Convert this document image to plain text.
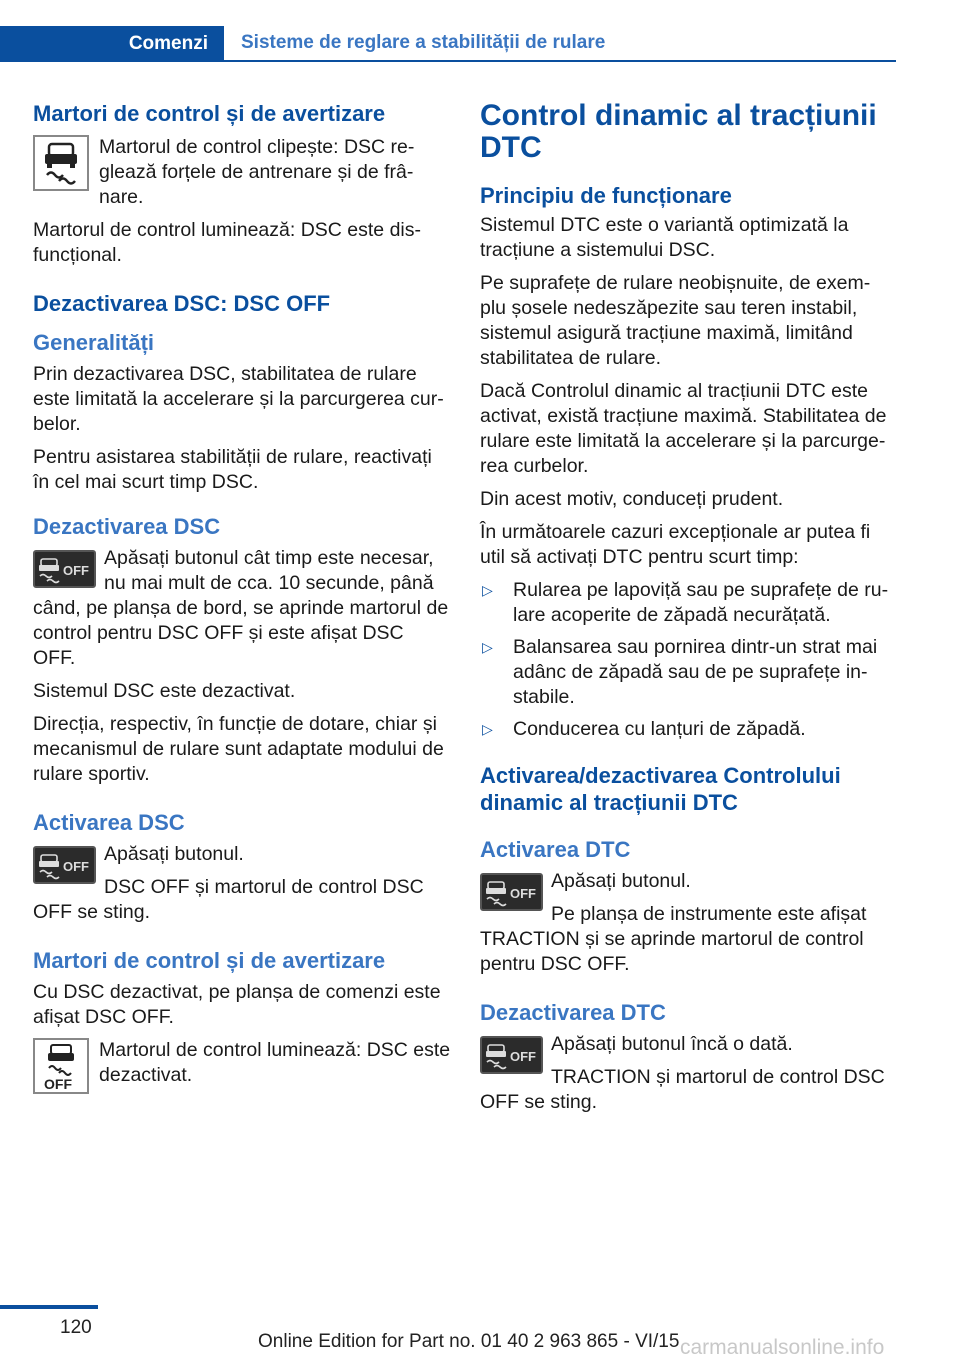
Comenzi	Sisteme de reglare a stabilității de rulare
Martori de control și de avertizare

Martorul de control clipește: DSC re‐glează forțele de antrenare și de frâ‐nare.

Martorul de control luminează: DSC este dis‐funcțional.

Dezactivarea DSC: DSC OFF
Generalități

Prin dezactivarea DSC, stabilitatea de rulare este limitată la accelerare și la parcurgerea cur‐belor.

Pentru asistarea stabilității de rulare, reactivați în cel mai scurt timp DSC.

Dezactivarea DSC
OFF

Apăsați butonul cât timp este necesar, nu mai mult de cca. 10 secunde, până când, pe planșa de bord, se aprinde martorul de control pentru DSC OFF și este afișat DSC OFF.

Sistemul DSC este dezactivat.

Direcția, respectiv, în funcție de dotare, chiar și mecanismul de rulare sunt adaptate modului de rulare sportiv.

Activarea DSC
OFF

Apăsați butonul.

DSC OFF și martorul de control DSC OFF se sting.

Martori de control și de avertizare

Cu DSC dezactivat, pe planșa de comenzi este afișat DSC OFF.

OFF

Martorul de control luminează: DSC este dezactivat.

Control dinamic al tracțiunii DTC
Principiu de funcționare

Sistemul DTC este o variantă optimizată la tracțiune a sistemului DSC.

Pe suprafețe de rulare neobișnuite, de exem‐plu șosele nedeszăpezite sau teren instabil, sistemul asigură tracțiune maximă, limitând stabilitatea de rulare.

Dacă Controlul dinamic al tracțiunii DTC este activat, există tracțiune maximă. Stabilitatea de rulare este limitată la accelerare și la parcurge‐rea curbelor.

Din acest motiv, conduceți prudent.

În următoarele cazuri excepționale ar putea fi util să activați DTC pentru scurt timp:

▷ Rularea pe lapoviță sau pe suprafețe de ru‐lare acoperite de zăpadă necurățată.
▷ Balansarea sau pornirea dintr-un strat mai adânc de zăpadă sau de pe suprafețe in‐stabile.
▷ Conducerea cu lanțuri de zăpadă.
Activarea/dezactivarea Controlului dinamic al tracțiunii DTC
Activarea DTC
OFF

Apăsați butonul.

Pe planșa de instrumente este afișat TRACTION și se aprinde martorul de control pentru DSC OFF.

Dezactivarea DTC
OFF

Apăsați butonul încă o dată.

TRACTION și martorul de control DSC OFF se sting.

120
Online Edition for Part no. 01 40 2 963 865 - VI/15 carmanualsonline.info
